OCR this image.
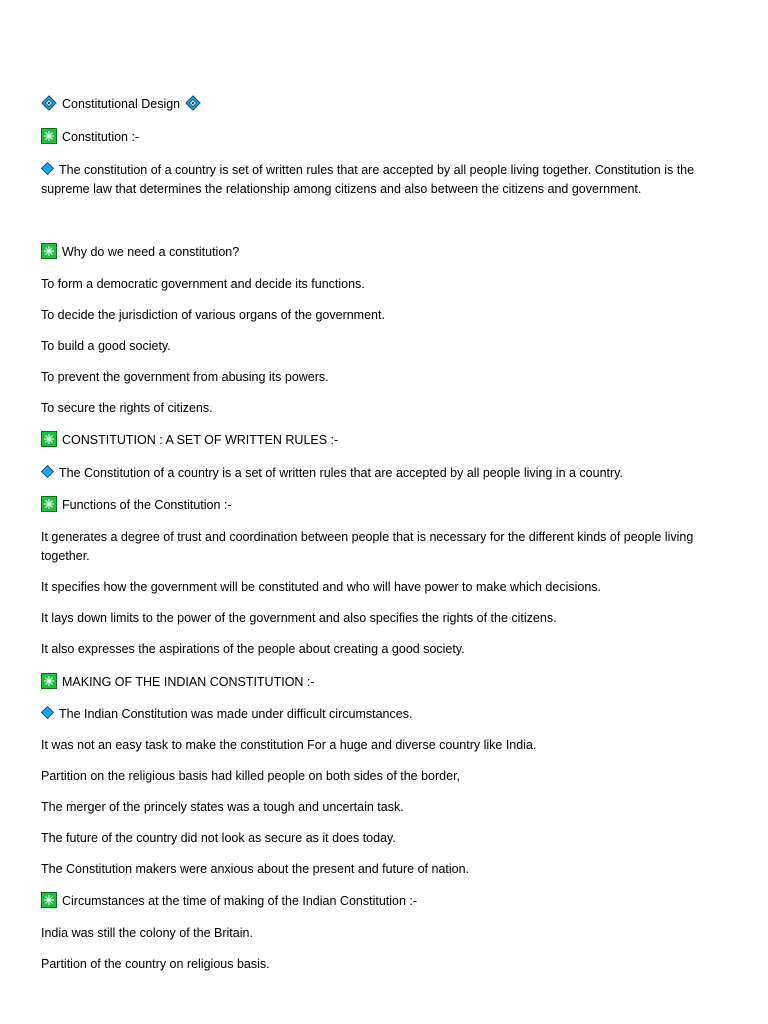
Constitutional Design
Constitution :-
The constitution of a country is set of written rules that are accepted by all people living together. Constitution is the supreme law that determines the relationship among citizens and also between the citizens and government.
Why do we need a constitution?
To form a democratic government and decide its functions.
To decide the jurisdiction of various organs of the government.
To build a good society.
To prevent the government from abusing its powers.
To secure the rights of citizens.
CONSTITUTION : A SET OF WRITTEN RULES :-
The Constitution of a country is a set of written rules that are accepted by all people living in a country.
Functions of the Constitution :-
It generates a degree of trust and coordination between people that is necessary for the different kinds of people living together.
It specifies how the government will be constituted and who will have power to make which decisions.
It lays down limits to the power of the government and also specifies the rights of the citizens.
It also expresses the aspirations of the people about creating a good society.
MAKING OF THE INDIAN CONSTITUTION :-
The Indian Constitution was made under difficult circumstances.
It was not an easy task to make the constitution For a huge and diverse country like India.
Partition on the religious basis had killed people on both sides of the border,
The merger of the princely states was a tough and uncertain task.
The future of the country did not look as secure as it does today.
The Constitution makers were anxious about the present and future of nation.
Circumstances at the time of making of the Indian Constitution :-
India was still the colony of the Britain.
Partition of the country on religious basis.
